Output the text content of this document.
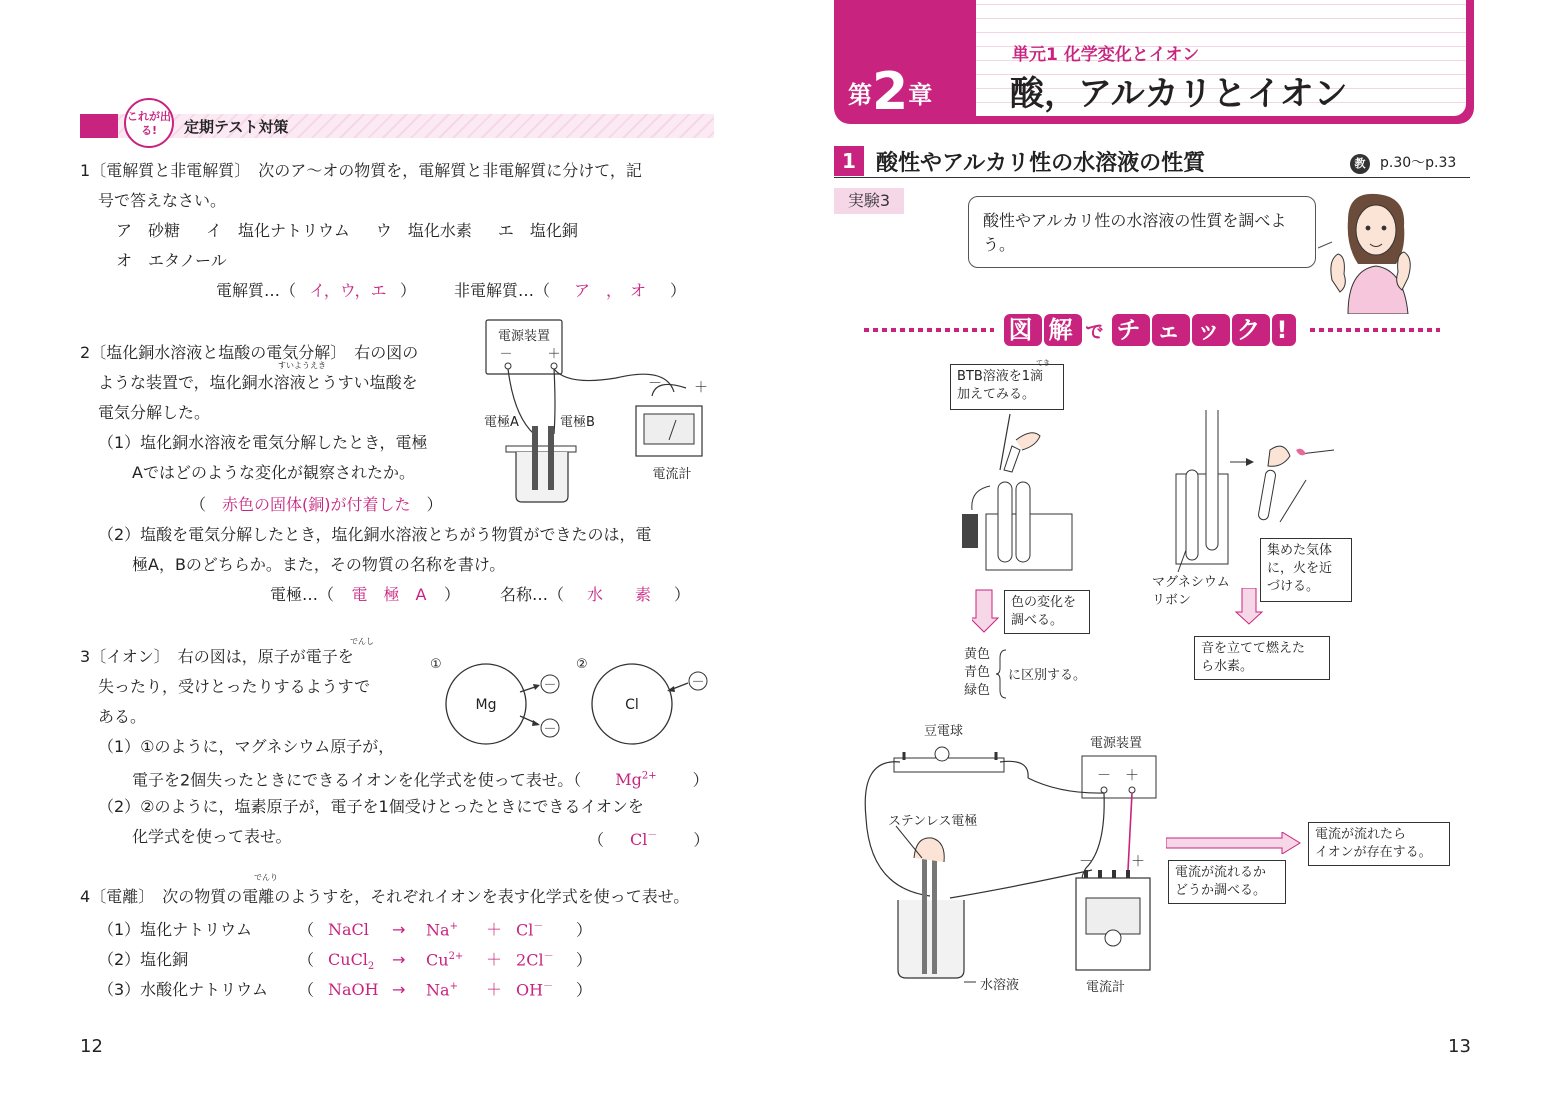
これが出る!	定期テスト対策
1〔電解質と非電解質〕　 次のア～オの物質を，電解質と非電解質に分けて，記
号で答えなさい。
ア　砂糖 イ　塩化ナトリウム ウ　塩化水素 エ　塩化銅
オ　エタノール
電解質…（ イ，ウ，エ ） 非電解質…（ ア　，　オ ）
2〔塩化銅水溶液と塩酸の電気分解〕　 右の図の
すいようえき
ような装置で，塩化銅水溶液とうすい塩酸を
電気分解した。
（1）塩化銅水溶液を電気分解したとき，電極
Aではどのような変化が観察されたか。
（　 赤色の固体(銅)が付着した　 ）
（2）塩酸を電気分解したとき，塩化銅水溶液とちがう物質ができたのは，電
極A，Bのどちらか。また，その物質の名称を書け。
電極…（ 電　極　A ）	名称…（ 水　　素 ）
電源装置
－	＋
－ ＋
電極A	電極B
電流計
でんし
3〔イオン〕　 右の図は，原子が電子を
失ったり，受けとったりするようすで
ある。
（1）①のように，マグネシウム原子が，
電子を2個失ったときにできるイオンを化学式を使って表せ。（ $Mg^{2+}$ ）
（2）②のように，塩素原子が，電子を1個受けとったときにできるイオンを
化学式を使って表せ。	（ Cl－ ）
①	②
Mg
－
－
Cl
－
でんり
4〔電離〕　 次の物質の電離のようすを，それぞれイオンを表す化学式を使って表せ。
（1）塩化ナトリウム	（ NaCl → Na+ ＋ Cl－ ）
（2）塩化銅	（ CuCl$_2$ → $Cu^{2+} + 2Cl^-$ ）
（3）水酸化ナトリウム （ NaOH → Na+ ＋ OH－ ）
12
第2章
単元1 化学変化とイオン
酸，アルカリとイオン
1 酸性やアルカリ性の水溶液の性質	教 p.30～p.33
実験3
酸性やアルカリ性の水溶液の性質を調べよう。
図 解 で チ ェ ッ ク !
BTB溶液を1滴
加えてみる。
てき
集めた気体
に，火を近
づける。
マグネシウム
リボン
色の変化を
調べる。
黄色
青色
緑色
に区別する。
音を立てて燃えた
ら水素。
豆電球
電源装置
－ ＋
－	＋
ステンレス電極
水溶液	電流計
電流が流れるか
どうか調べる。
電流が流れたら
イオンが存在する。
13
